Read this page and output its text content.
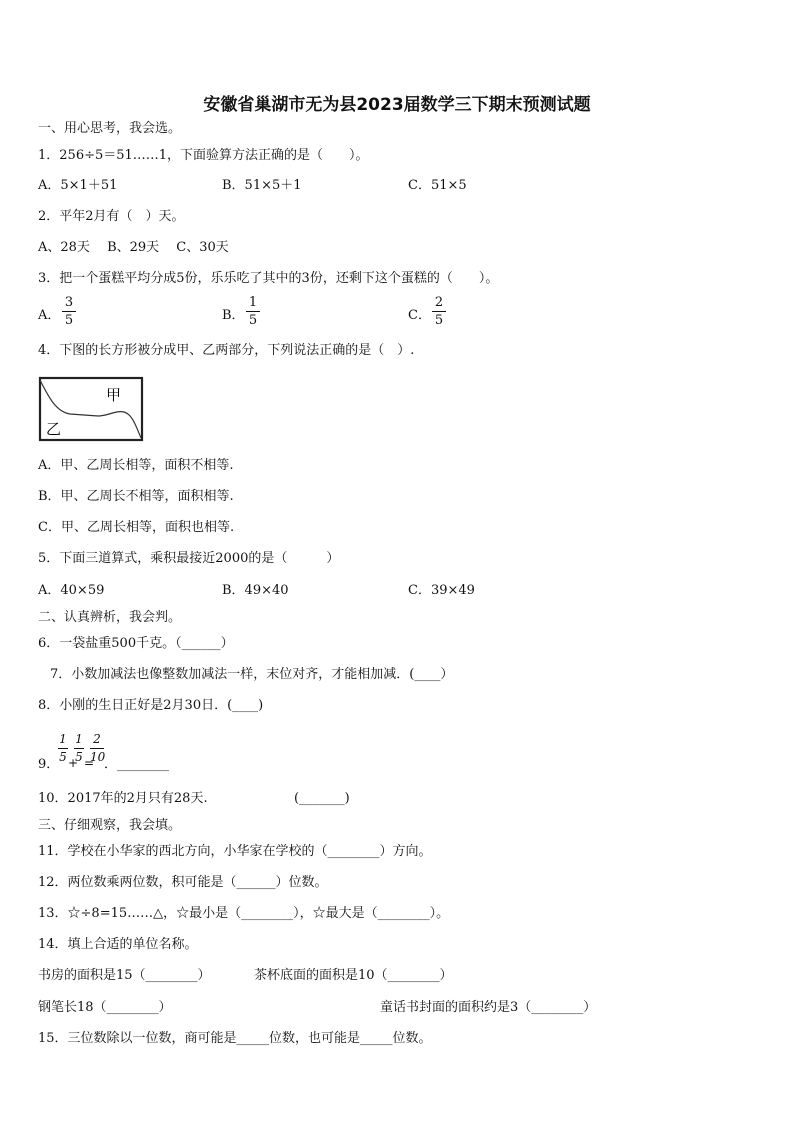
安徽省巢湖市无为县2023届数学三下期末预测试题
一、用心思考，我会选。
1．256÷5＝51……1，下面验算方法正确的是（　　）。
A．5×1＋51	B．51×5＋1	C．51×5
2．平年2月有（　）天。
A、28天　 B、29天　 C、30天
3．把一个蛋糕平均分成5份，乐乐吃了其中的3份，还剩下这个蛋糕的（　　）。
A．
3
5	B．
1
5	C．
2
5
4．下图的长方形被分成甲、乙两部分，下列说法正确的是（　）.
甲
乙
A．甲、乙周长相等，面积不相等.
B．甲、乙周长不相等，面积相等.
C．甲、乙周长相等，面积也相等.
5．下面三道算式，乘积最接近2000的是（　　　）
A．40×59	B．49×40	C．39×49
二、认真辨析，我会判。
6．一袋盐重500千克。（______）
7．小数加减法也像整数加减法一样，末位对齐，才能相加减．(____）
8．小刚的生日正好是2月30日．(____)
1
5 +
1
5 =
2
10
9．	．________
10．2017年的2月只有28天.	(_______)
三、仔细观察，我会填。
11．学校在小华家的西北方向，小华家在学校的（________）方向。
12．两位数乘两位数，积可能是（______）位数。
13．☆÷8=15……△，☆最小是（________），☆最大是（________）。
14．填上合适的单位名称。
书房的面积是15（________）	茶杯底面的面积是10（________）
钢笔长18（________）	童话书封面的面积约是3（________）
15．三位数除以一位数，商可能是_____位数，也可能是_____位数。
